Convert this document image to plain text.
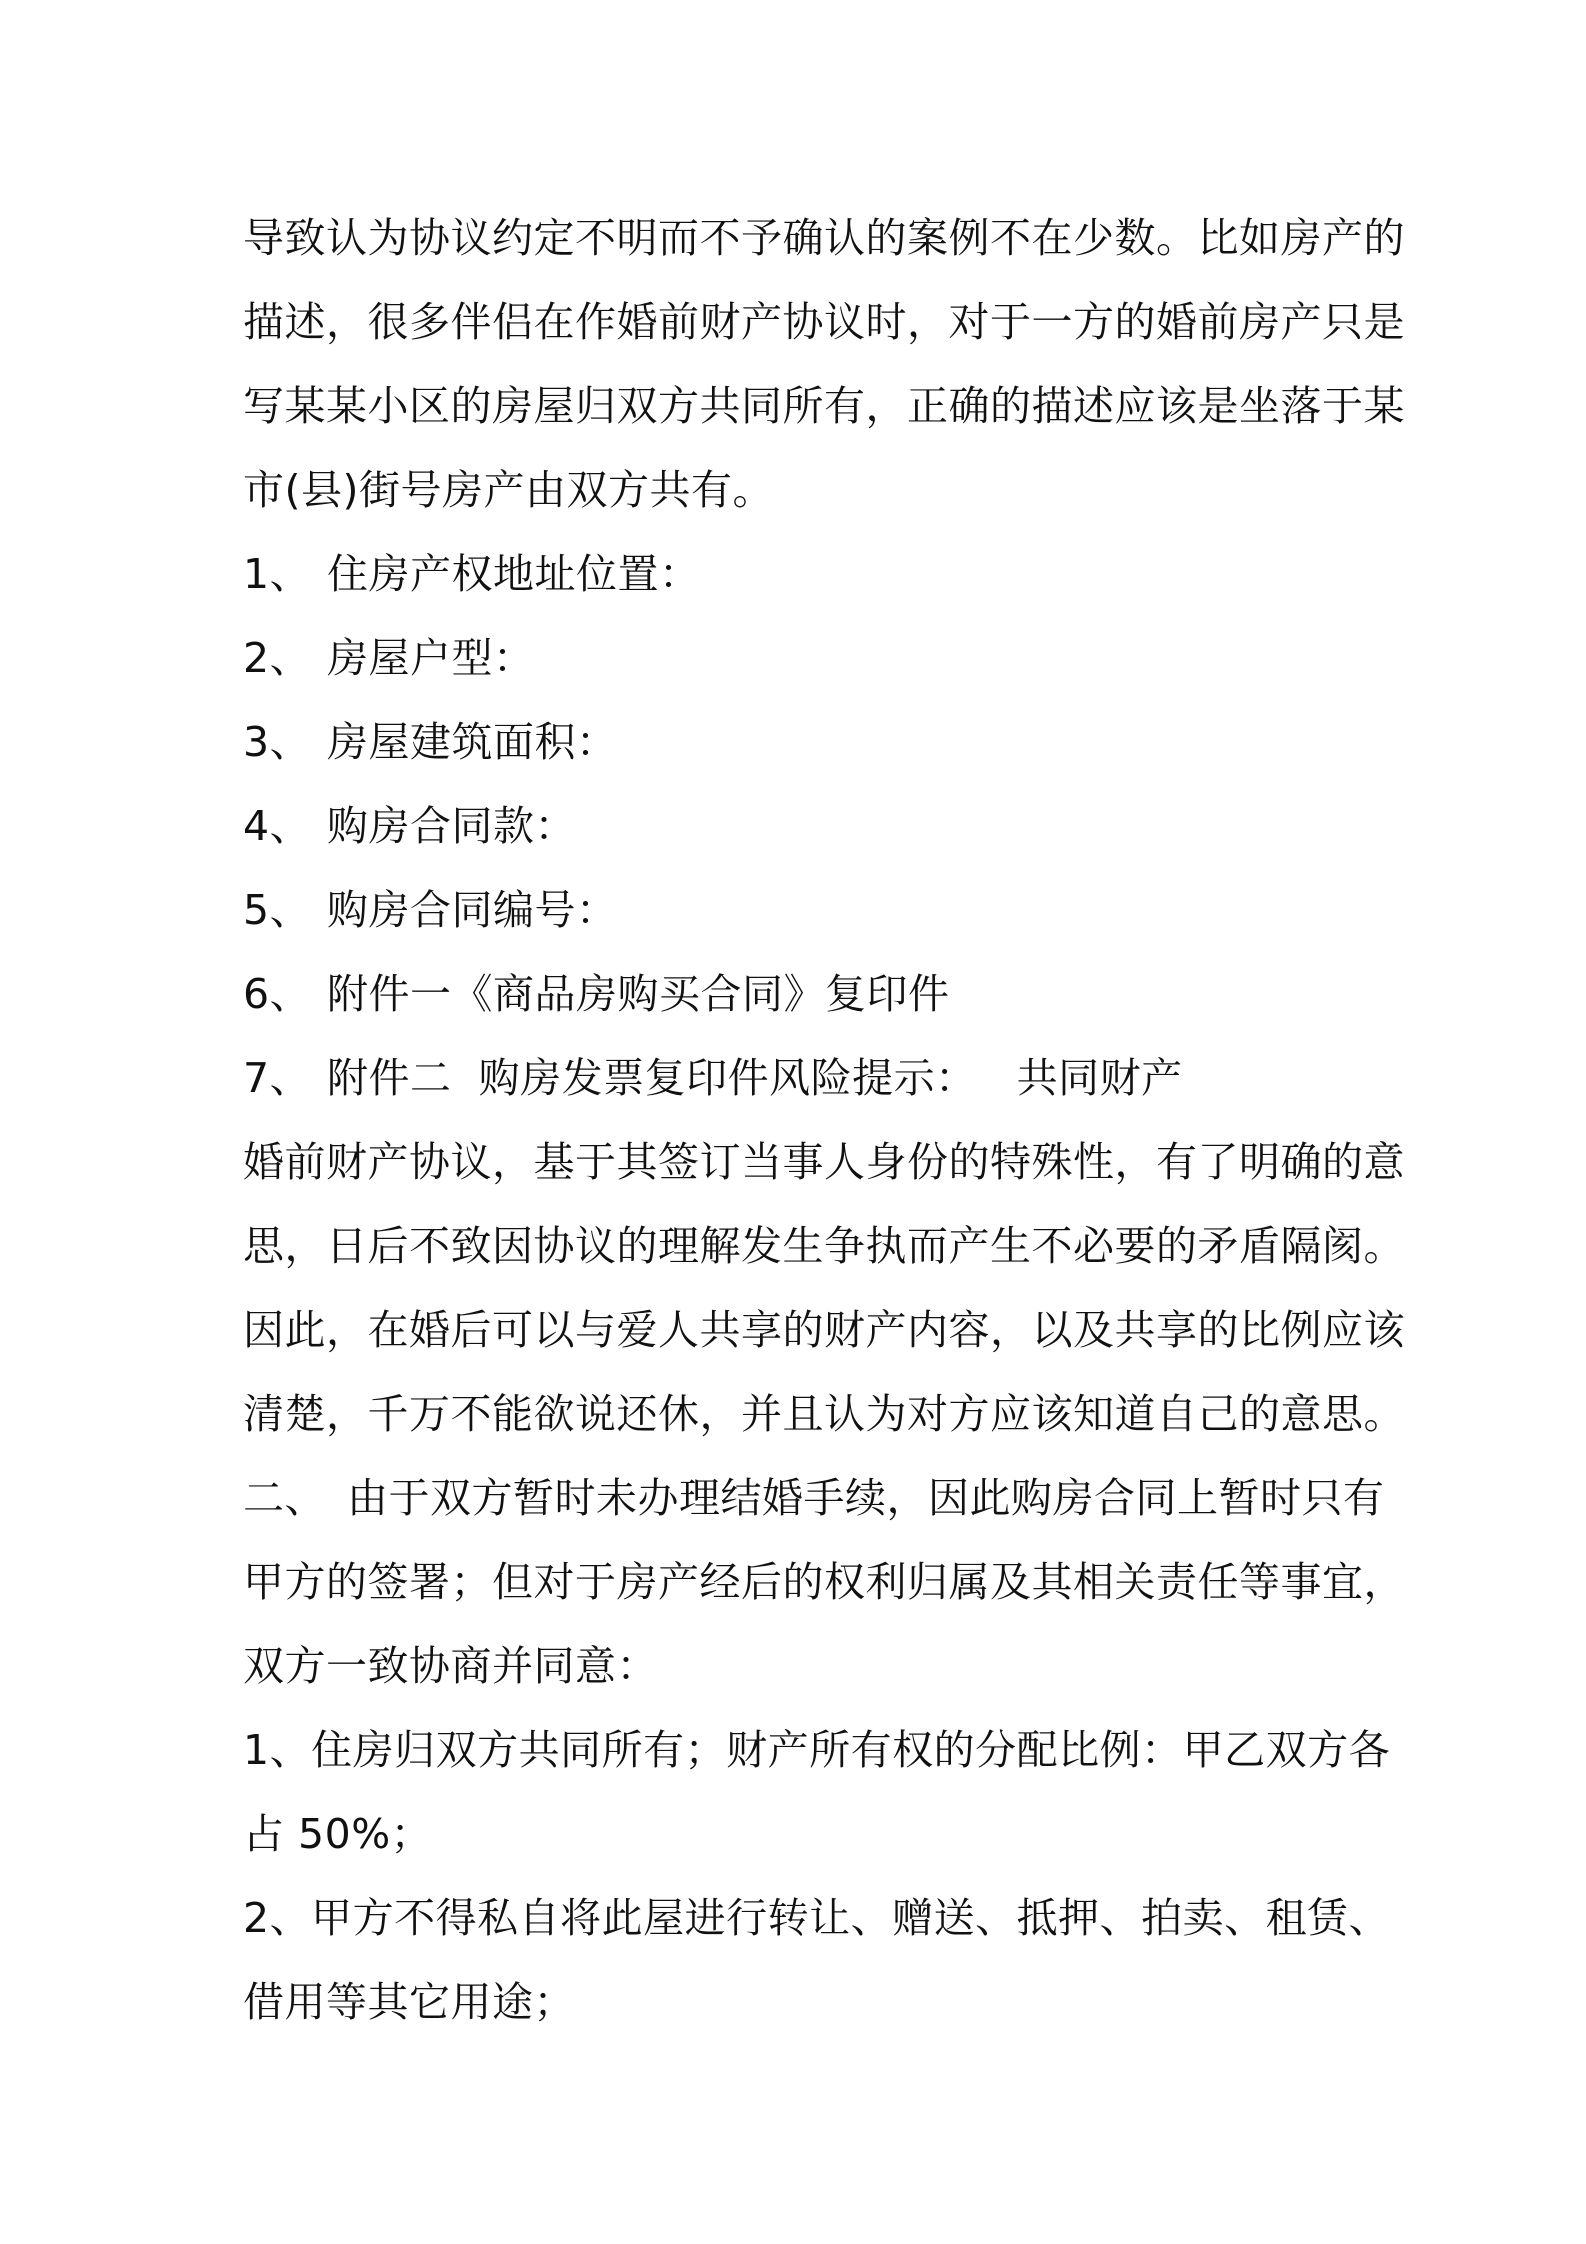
导致认为协议约定不明而不予确认的案例不在少数。比如房产的
描述，很多伴侣在作婚前财产协议时，对于一方的婚前房产只是
写某某小区的房屋归双方共同所有，正确的描述应该是坐落于某
市(县)街号房产由双方共有。
1、 住房产权地址位置：
2、 房屋户型：
3、 房屋建筑面积：
4、 购房合同款：
5、 购房合同编号：
6、 附件一《商品房购买合同》复印件
7、 附件二  购房发票复印件风险提示： 共同财产
婚前财产协议，基于其签订当事人身份的特殊性，有了明确的意
思，日后不致因协议的理解发生争执而产生不必要的矛盾隔阂。
因此，在婚后可以与爱人共享的财产内容，以及共享的比例应该
清楚，千万不能欲说还休，并且认为对方应该知道自己的意思。
二、 由于双方暂时未办理结婚手续，因此购房合同上暂时只有
甲方的签署；但对于房产经后的权利归属及其相关责任等事宜，
双方一致协商并同意：
1、住房归双方共同所有；财产所有权的分配比例：甲乙双方各
占 50%；
2、甲方不得私自将此屋进行转让、赠送、抵押、拍卖、租赁、
借用等其它用途；
